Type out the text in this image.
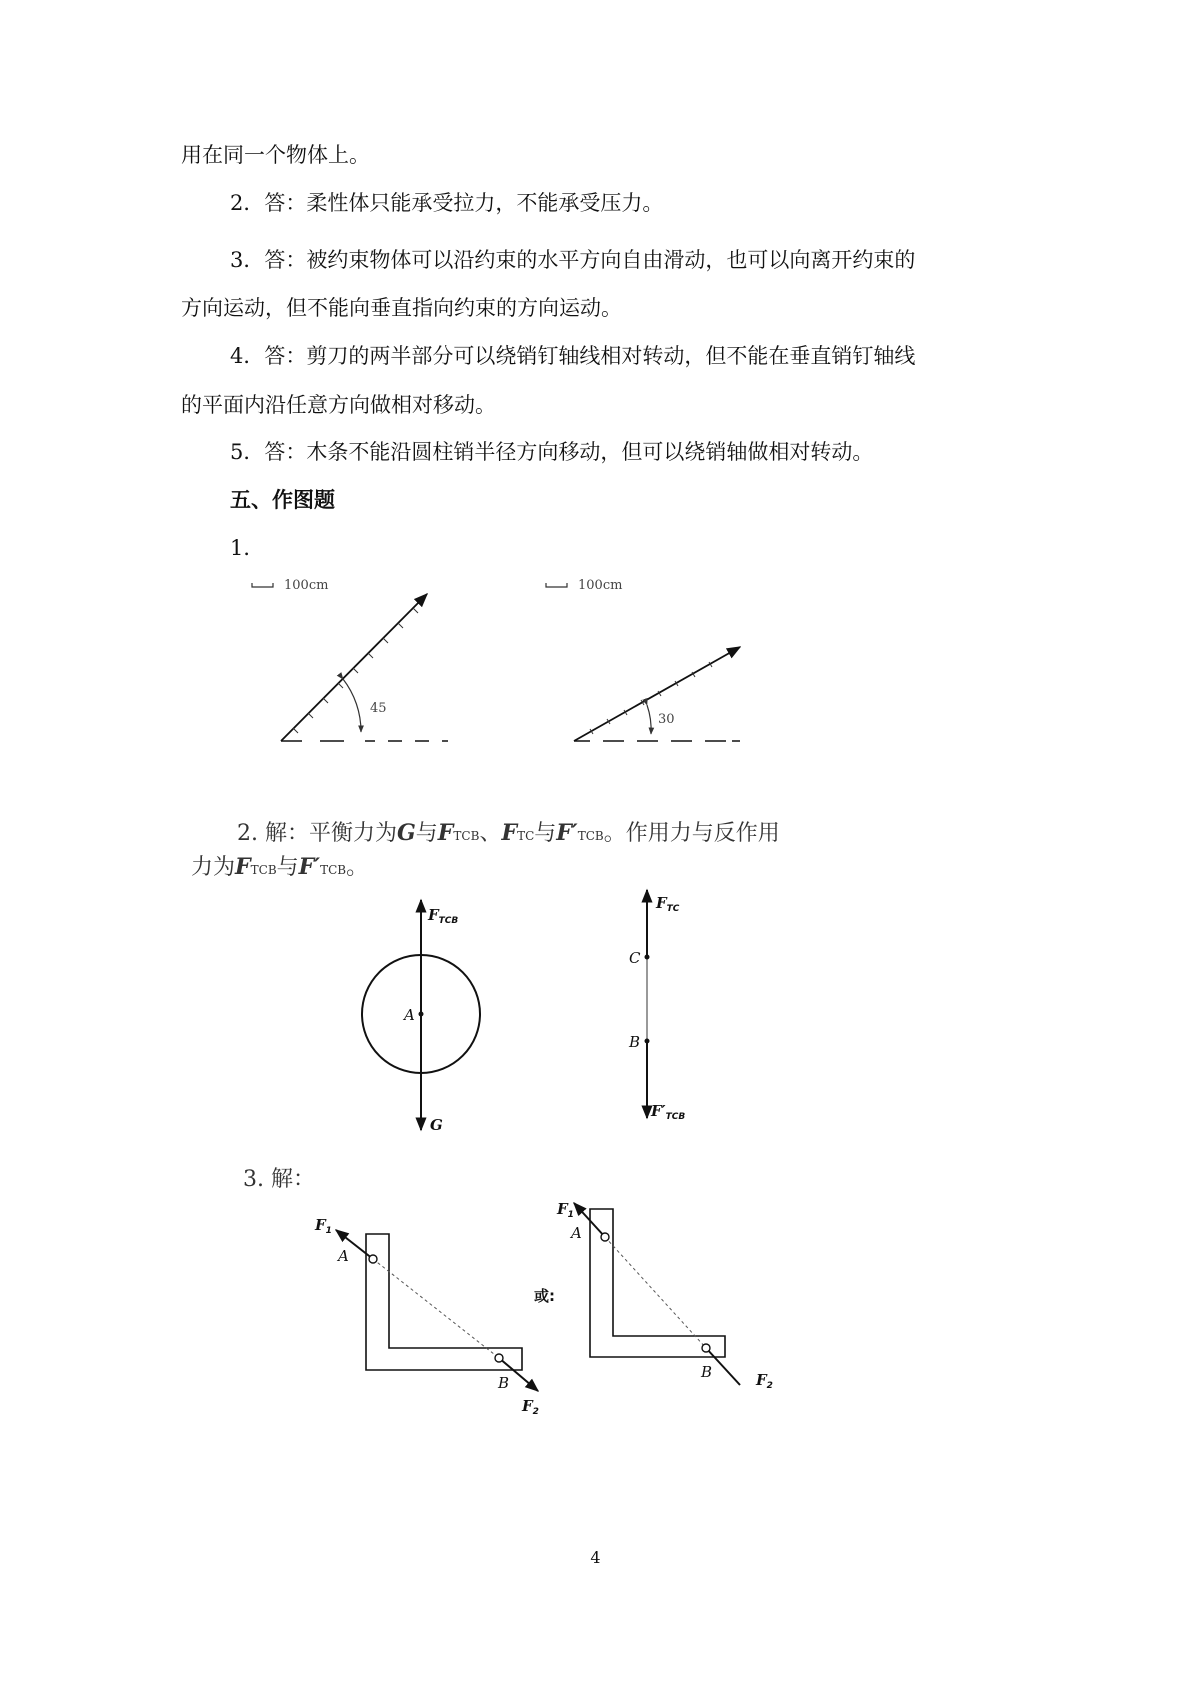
用在同一个物体上。
2．答：柔性体只能承受拉力，不能承受压力。
3．答：被约束物体可以沿约束的水平方向自由滑动，也可以向离开约束的
方向运动，但不能向垂直指向约束的方向运动。
4．答：剪刀的两半部分可以绕销钉轴线相对转动，但不能在垂直销钉轴线
的平面内沿任意方向做相对移动。
5．答：木条不能沿圆柱销半径方向移动，但可以绕销轴做相对转动。
五、作图题
1．
100cm
45
100cm
30
2. 解：平衡力为G与FTCB、FTC与F′TCB。作用力与反作用
力为FTCB与F′TCB。
$F_{TCB}$
A
G
$F_{TC}$
C
B
$F'_{TCB}$
3. 解：
$F_1$
A
B
$F_2$
或:
$F_1$
A
B	$F_2$
4
